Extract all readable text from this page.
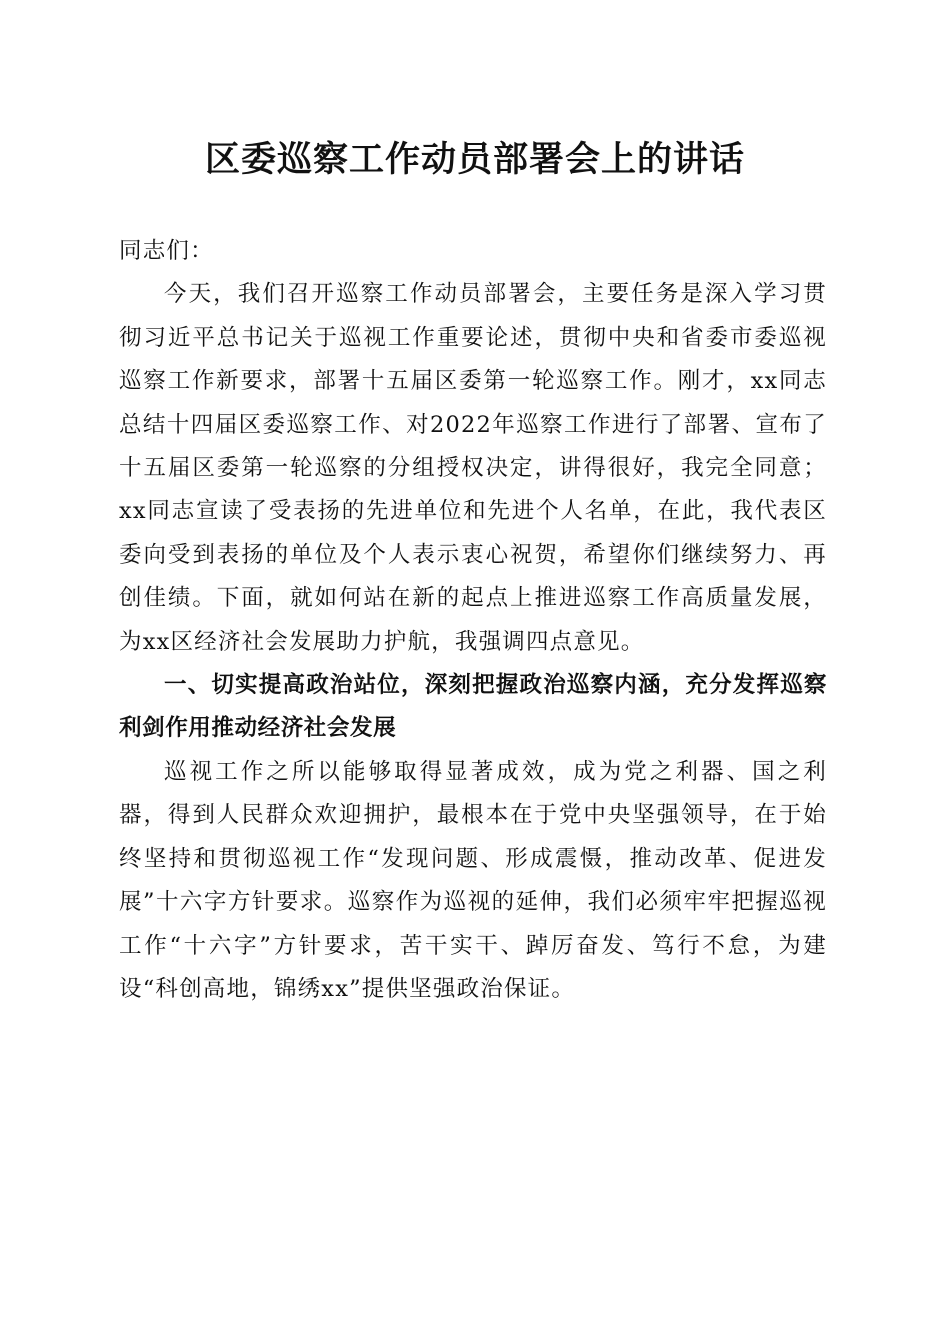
区委巡察工作动员部署会上的讲话

同志们：

今天，我们召开巡察工作动员部署会，主要任务是深入学习贯彻习近平总书记关于巡视工作重要论述，贯彻中央和省委市委巡视巡察工作新要求，部署十五届区委第一轮巡察工作。刚才，xx同志总结十四届区委巡察工作、对2022年巡察工作进行了部署、宣布了十五届区委第一轮巡察的分组授权决定，讲得很好，我完全同意；xx同志宣读了受表扬的先进单位和先进个人名单，在此，我代表区委向受到表扬的单位及个人表示衷心祝贺，希望你们继续努力、再创佳绩。下面，就如何站在新的起点上推进巡察工作高质量发展，为xx区经济社会发展助力护航，我强调四点意见。

一、切实提高政治站位，深刻把握政治巡察内涵，充分发挥巡察利剑作用推动经济社会发展

巡视工作之所以能够取得显著成效，成为党之利器、国之利器，得到人民群众欢迎拥护，最根本在于党中央坚强领导，在于始终坚持和贯彻巡视工作“发现问题、形成震慑，推动改革、促进发展”十六字方针要求。巡察作为巡视的延伸，我们必须牢牢把握巡视工作“十六字”方针要求，苦干实干、踔厉奋发、笃行不怠，为建设“科创高地，锦绣xx”提供坚强政治保证。
